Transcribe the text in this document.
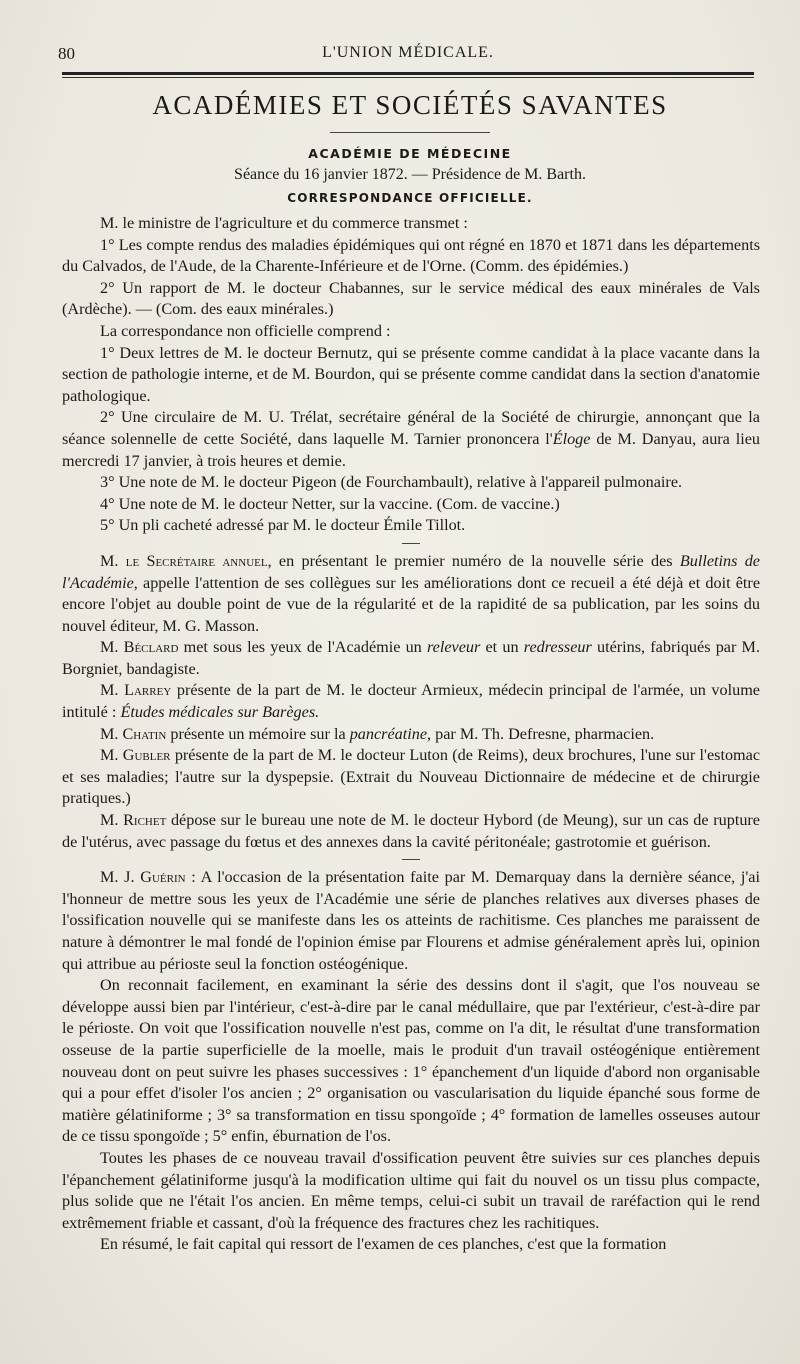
80	L'UNION MÉDICALE.
ACADÉMIES ET SOCIÉTÉS SAVANTES
ACADÉMIE DE MÉDECINE
Séance du 16 janvier 1872. — Présidence de M. Barth.
CORRESPONDANCE OFFICIELLE.

M. le ministre de l'agriculture et du commerce transmet :

1° Les compte rendus des maladies épidémiques qui ont régné en 1870 et 1871 dans les départements du Calvados, de l'Aude, de la Charente-Inférieure et de l'Orne. (Comm. des épidémies.)

2° Un rapport de M. le docteur Chabannes, sur le service médical des eaux minérales de Vals (Ardèche). — (Com. des eaux minérales.)

La correspondance non officielle comprend :

1° Deux lettres de M. le docteur Bernutz, qui se présente comme candidat à la place vacante dans la section de pathologie interne, et de M. Bourdon, qui se présente comme candidat dans la section d'anatomie pathologique.

2° Une circulaire de M. U. Trélat, secrétaire général de la Société de chirurgie, annonçant que la séance solennelle de cette Société, dans laquelle M. Tarnier prononcera l'Éloge de M. Danyau, aura lieu mercredi 17 janvier, à trois heures et demie.

3° Une note de M. le docteur Pigeon (de Fourchambault), relative à l'appareil pulmonaire.

4° Une note de M. le docteur Netter, sur la vaccine. (Com. de vaccine.)

5° Un pli cacheté adressé par M. le docteur Émile Tillot.

M. le Secrétaire annuel, en présentant le premier numéro de la nouvelle série des Bulletins de l'Académie, appelle l'attention de ses collègues sur les améliorations dont ce recueil a été déjà et doit être encore l'objet au double point de vue de la régularité et de la rapidité de sa publication, par les soins du nouvel éditeur, M. G. Masson.

M. Béclard met sous les yeux de l'Académie un releveur et un redresseur utérins, fabriqués par M. Borgniet, bandagiste.

M. Larrey présente de la part de M. le docteur Armieux, médecin principal de l'armée, un volume intitulé : Études médicales sur Barèges.

M. Chatin présente un mémoire sur la pancréatine, par M. Th. Defresne, pharmacien.

M. Gubler présente de la part de M. le docteur Luton (de Reims), deux brochures, l'une sur l'estomac et ses maladies; l'autre sur la dyspepsie. (Extrait du Nouveau Dictionnaire de médecine et de chirurgie pratiques.)

M. Richet dépose sur le bureau une note de M. le docteur Hybord (de Meung), sur un cas de rupture de l'utérus, avec passage du fœtus et des annexes dans la cavité péritonéale; gastrotomie et guérison.

M. J. Guérin : A l'occasion de la présentation faite par M. Demarquay dans la dernière séance, j'ai l'honneur de mettre sous les yeux de l'Académie une série de planches relatives aux diverses phases de l'ossification nouvelle qui se manifeste dans les os atteints de rachitisme. Ces planches me paraissent de nature à démontrer le mal fondé de l'opinion émise par Flourens et admise généralement après lui, opinion qui attribue au périoste seul la fonction ostéogénique.

On reconnait facilement, en examinant la série des dessins dont il s'agit, que l'os nouveau se développe aussi bien par l'intérieur, c'est-à-dire par le canal médullaire, que par l'extérieur, c'est-à-dire par le périoste. On voit que l'ossification nouvelle n'est pas, comme on l'a dit, le résultat d'une transformation osseuse de la partie superficielle de la moelle, mais le produit d'un travail ostéogénique entièrement nouveau dont on peut suivre les phases successives : 1° épanchement d'un liquide d'abord non organisable qui a pour effet d'isoler l'os ancien ; 2° organisation ou vascularisation du liquide épanché sous forme de matière gélatiniforme ; 3° sa transformation en tissu spongoïde ; 4° formation de lamelles osseuses autour de ce tissu spongoïde ; 5° enfin, éburnation de l'os.

Toutes les phases de ce nouveau travail d'ossification peuvent être suivies sur ces planches depuis l'épanchement gélatiniforme jusqu'à la modification ultime qui fait du nouvel os un tissu plus compacte, plus solide que ne l'était l'os ancien. En même temps, celui-ci subit un travail de raréfaction qui le rend extrêmement friable et cassant, d'où la fréquence des fractures chez les rachitiques.

En résumé, le fait capital qui ressort de l'examen de ces planches, c'est que la formation
